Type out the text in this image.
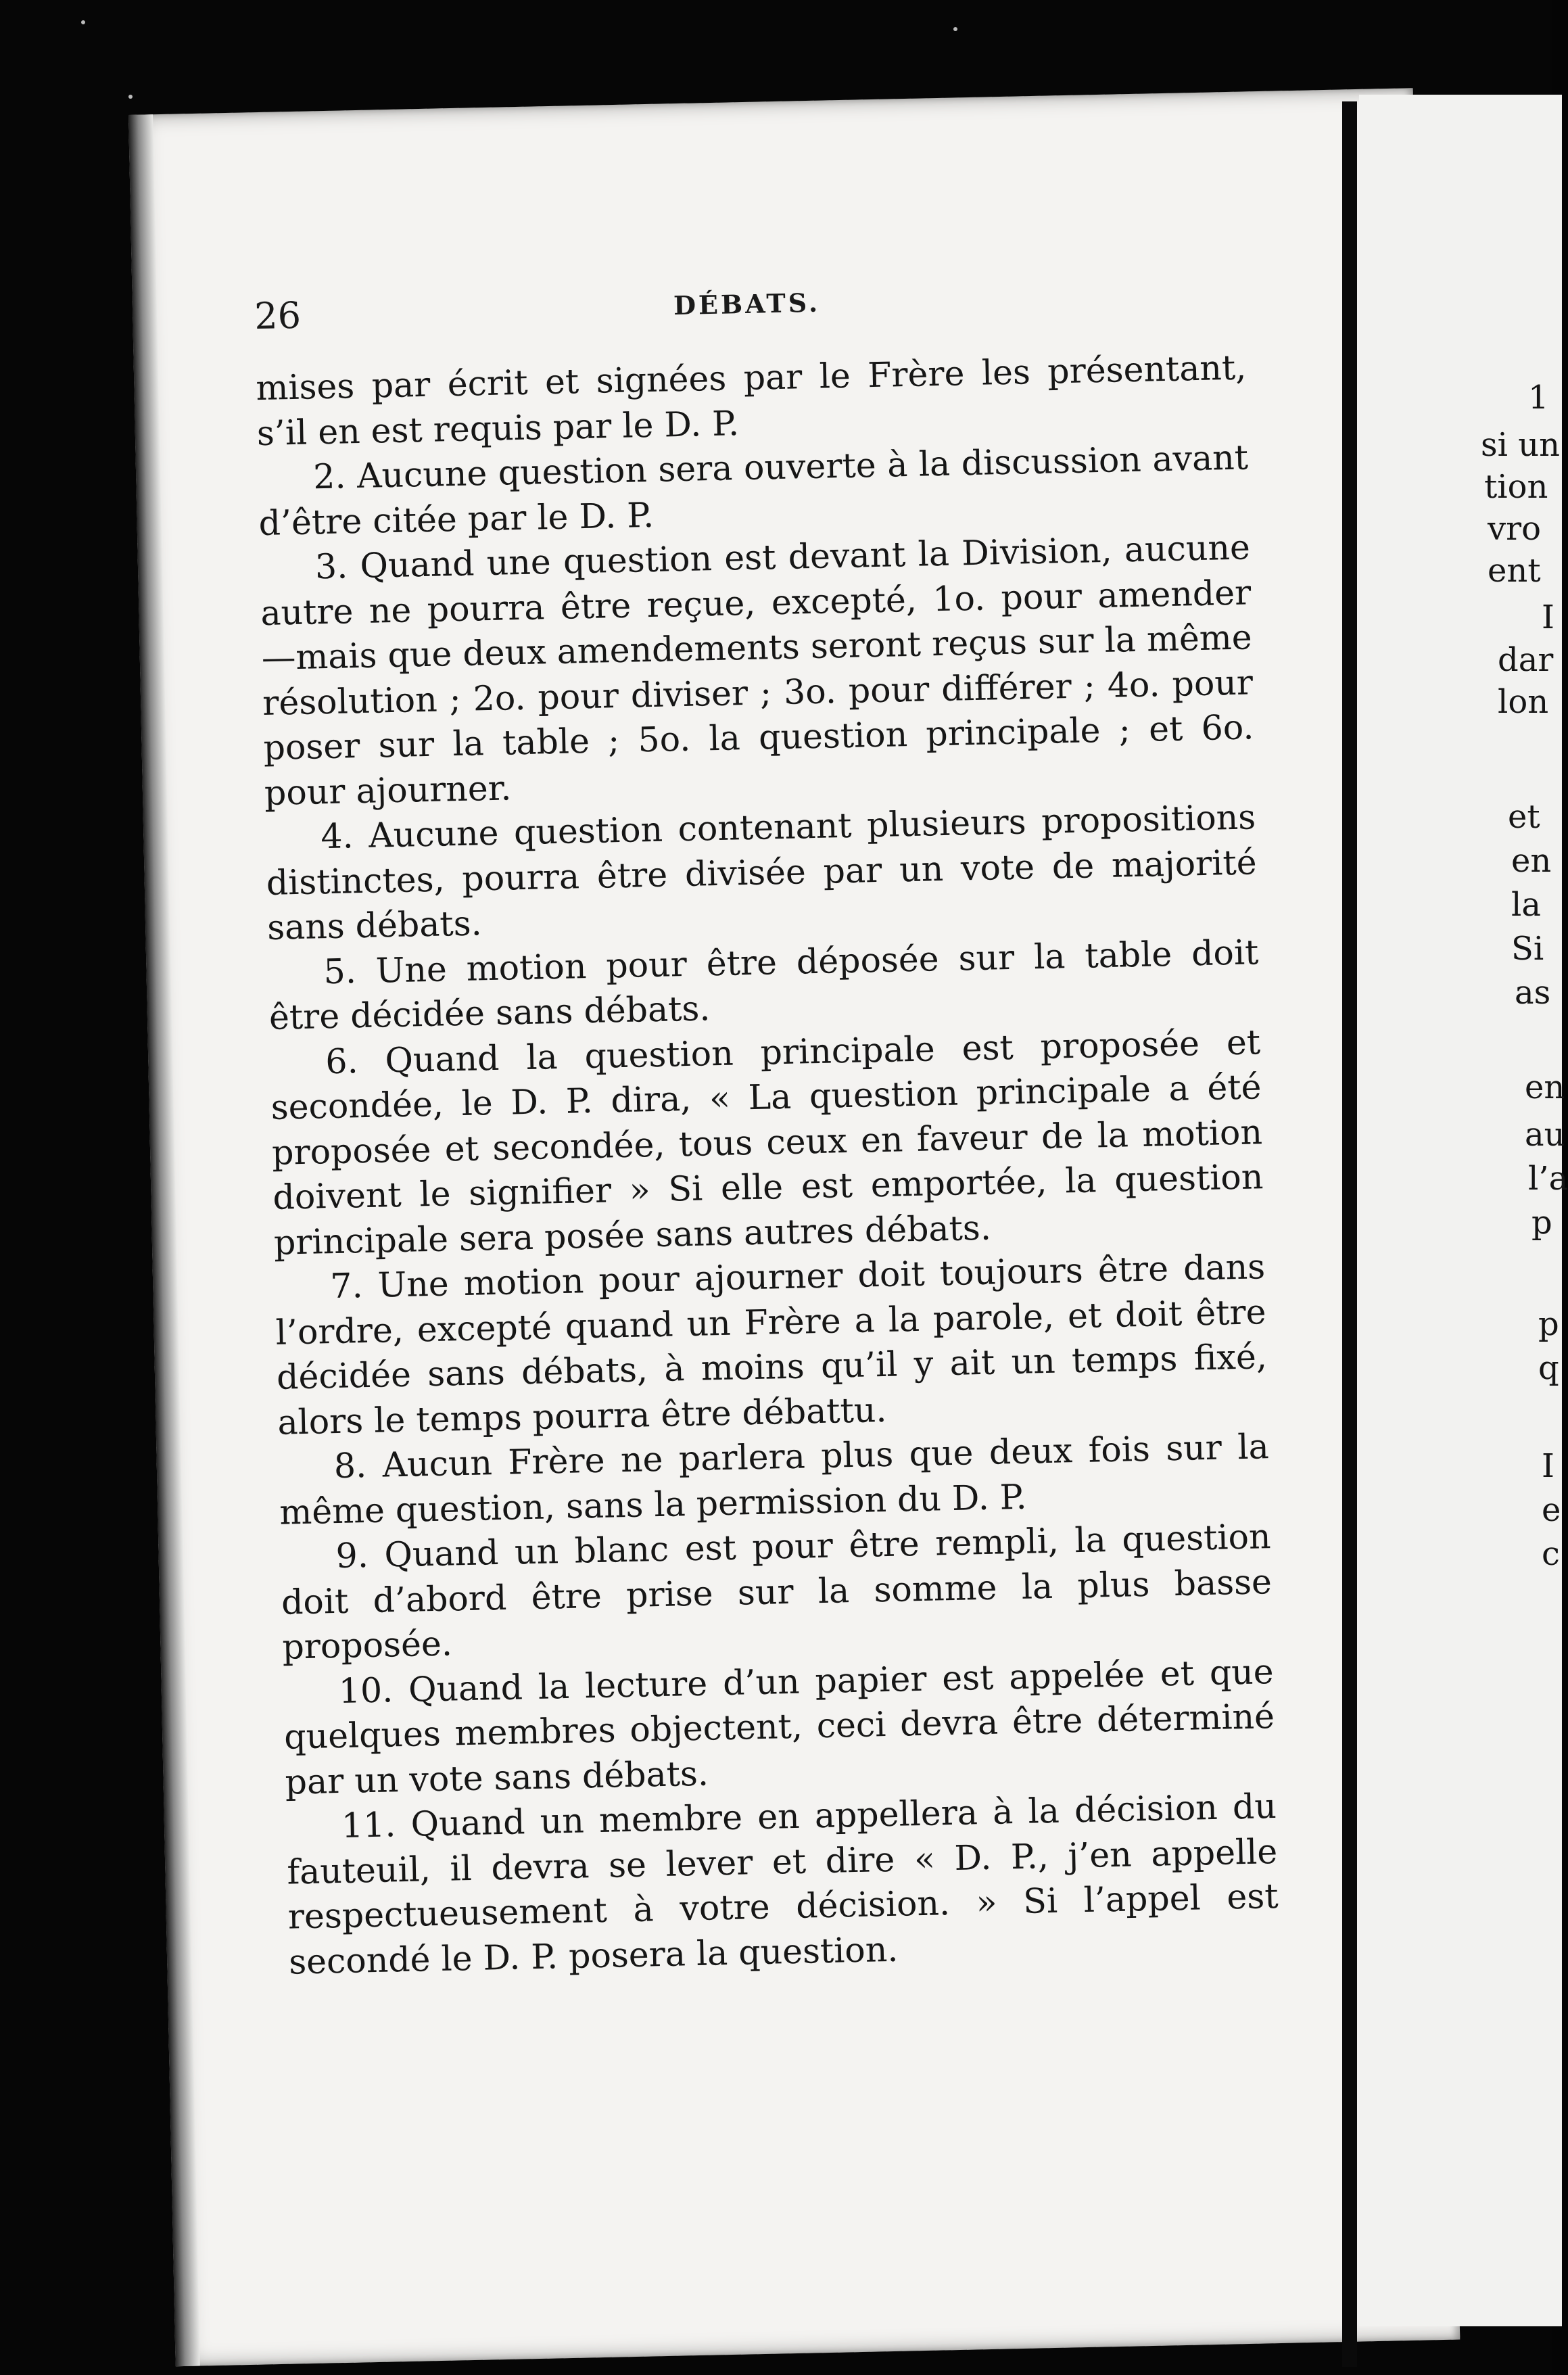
26	DÉBATS.

mises par écrit et signées par le Frère les présentant, s’il en est requis par le D. P.

2. Aucune question sera ouverte à la discussion avant d’être citée par le D. P.

3. Quand une question est devant la Division, aucune autre ne pourra être reçue, excepté, 1o. pour amender —mais que deux amendements seront reçus sur la même résolution ; 2o. pour diviser ; 3o. pour différer ; 4o. pour poser sur la table ; 5o. la question principale ; et 6o. pour ajourner.

4. Aucune question contenant plusieurs propositions distinctes, pourra être divisée par un vote de majorité sans débats.

5. Une motion pour être déposée sur la table doit être décidée sans débats.

6. Quand la question principale est proposée et secondée, le D. P. dira, « La question principale a été proposée et secondée, tous ceux en faveur de la motion doivent le signifier » Si elle est emportée, la question principale sera posée sans autres débats.

7. Une motion pour ajourner doit toujours être dans l’ordre, excepté quand un Frère a la parole, et doit être décidée sans débats, à moins qu’il y ait un temps fixé, alors le temps pourra être débattu.

8. Aucun Frère ne parlera plus que deux fois sur la même question, sans la permission du D. P.

9. Quand un blanc est pour être rempli, la question doit d’abord être prise sur la somme la plus basse proposée.

10. Quand la lecture d’un papier est appelée et que quelques membres objectent, ceci devra être déterminé par un vote sans débats.

11. Quand un membre en appellera à la décision du fauteuil, il devra se lever et dire « D. P., j’en appelle respectueusement à votre décision. » Si l’appel est secondé le D. P. posera la question.

1
si un
tion
vro
ent
I
dar
lon
et
en
la
Si
as
en
au
l’a
p
p
q
I
e
c
